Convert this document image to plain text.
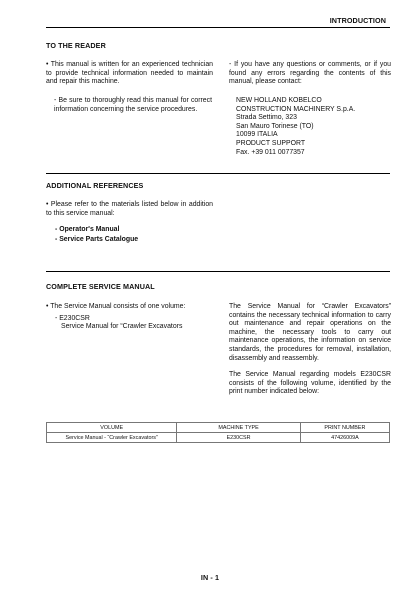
INTRODUCTION
TO THE READER
• This manual is written for an experienced technician to provide technical information needed to maintain and repair this machine.
- Be sure to thoroughly read this manual for correct information concerning the service procedures.
- If you have any questions or comments, or if you found any errors regarding the contents of this manual, please contact:
NEW HOLLAND KOBELCO
CONSTRUCTION MACHINERY S.p.A.
Strada Settimo, 323
San Mauro Torinese (TO)
10099 ITALIA
PRODUCT SUPPORT
Fax. +39 011 0077357
ADDITIONAL REFERENCES
• Please refer to the materials listed below in addition to this service manual:
- Operator's Manual
- Service Parts Catalogue
COMPLETE SERVICE MANUAL
• The Service Manual consists of one volume:
- E230CSR
Service Manual for “Crawler Excavators
The Service Manual for “Crawler Excavators” contains the necessary technical information to carry out maintenance and repair operations on the machine, the necessary tools to carry out maintenance operations, the information on service standards, the procedures for removal, installation, disassembly and reassembly.
The Service Manual regarding models E230CSR consists of the following volume, identified by the print number indicated below:
VOLUME	MACHINE TYPE	PRINT NUMBER
Service Manual - “Crawler Excavators”	E230CSR	47426009A
IN - 1
